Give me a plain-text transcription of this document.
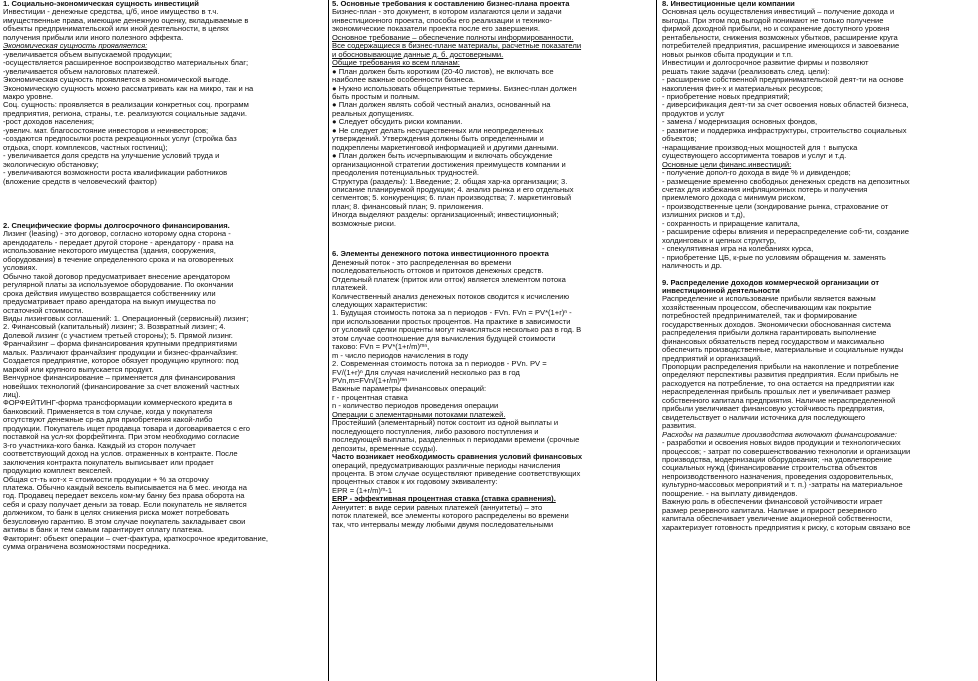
1. Социально-экономическая сущность инвестиций

Инвестиции - денежные средства, ц/б, иное имущество в т.ч.

имущественные права, имеющие денежную оценку, вкладываемые в

объекты предпринимательской или иной деятельности, в целях

получения прибыли или иного полезного эффекта.

Экономическая сущность проявляется:

-увеличивается объем выпускаемой продукции;

-осуществляется расширенное воспроизводство материальных благ;

-увеличивается объем налоговых платежей.

Экономическая сущность проявляется в экономической выгоде.

Экономическую сущность можно рассматривать как на микро, так и на

макро уровне.

Соц. сущность: проявляется в реализации конкретных соц. программ

предприятия, региона, страны, т.е. реализуются социальные задачи.

-рост доходов населения;

-увелич. мат. благосостояние инвесторов и неинвесторов;

-создаются предпосылки роста рекреационных услуг (стройка баз

отдыха, спорт. комплексов, частных гостиниц);

- увеличивается доля средств на улучшение условий труда и

экологическую обстановку;

- увеличиваются возможности роста квалификации работников

(вложение средств в человеческий фактор)

2. Специфические формы долгосрочного финансирования.

Лизинг (leasing) - это договор, согласно которому одна сторона -

арендодатель - передает другой стороне - арендатору - права на

использование некоторого имущества (здания, сооружения,

оборудования) в течение определенного срока и на оговоренных

условиях.

Обычно такой договор предусматривает внесение арендатором

регулярной платы за используемое оборудование. По окончании

срока действия имущество возвращается собственнику или

предусматривает право арендатора на выкуп имущества по

остаточной стоимости.

Виды лизинговых соглашений: 1. Операционный (сервисный) лизинг;

2. Финансовый (капитальный) лизинг; 3. Возвратный лизинг; 4.

Долевой лизинг (с участием третьей стороны); 5. Прямой лизинг.

Франчайзинг – форма финансирования крупными предприятиями

малых. Различают франчайзинг продукции и бизнес-франчайзинг.

Создается предприятие, которое обязует продукцию крупного: под

маркой или крупного выпускается продукт.

Венчурное финансирование – применяется для финансирования

новейших технологий (финансирование за счет вложений частных

лиц).

ФОРФЕЙТИНГ-форма трансформации коммерческого кредита в

банковский. Применяется в том случае, когда у покупателя

отсутствуют денежные ср-ва для приобретения какой-либо

продукции. Покупатель ищет продавца товара и договаривается с его

поставкой на усл-ях форфейтинга. При этом необходимо согласие

3-го участника-кого банка. Каждый из сторон получает

соответствующий доход на услов. отраженных в контракте. После

заключения контракта покупатель выписывает или продает

продукцию комплект векселей.

Общая ст-ть кот-х = стоимости продукции + % за отсрочку

платежа. Обычно каждый вексель выписывается на 6 мес. иногда на

год. Продавец передает вексель ком-му банку без права оборота на

себя и сразу получает деньги за товар. Если покупатель не является

должником, то банк в целях снижения риска может потребовать

безусловную гарантию. В этом случае покупатель закладывает свои

активы в банк и тем самым гарантирует оплату платежа.

Факторинг: объект операции – счет-фактура, краткосрочное кредитование,

сумма ограничена возможностями посредника.

5. Основные требования к составлению бизнес-плана проекта

Бизнес-план - это документ, в котором излагаются цели и задачи

инвестиционного проекта, способы его реализации и технико-

экономические показатели проекта после его завершения.

Основное требование – обеспечение полноты информированности.

Все содержащиеся в бизнес-плане материалы, расчетные показатели

и обосновывающие данные д. б. достоверными.

Общие требования ко всем планам:

● План должен быть коротким (20-40 листов), не включать все

наиболее важные особенности бизнеса.

● Нужно использовать общепринятые термины. Бизнес-план должен

быть простым и полным.

● План должен являть собой честный анализ, основанный на

реальных допущениях.

● Следует обсудить риски компании.

● Не следует делать несущественных или неопределенных

утверждений. Утверждения должны быть определенными и

подкреплены маркетинговой информацией и другими данными.

● План должен быть исчерпывающим и включать обсуждение

организационной стратегии достижения преимуществ компании и

преодоления потенциальных трудностей.

Структура (разделы): 1.Введение; 2. общая хар-ка организации; 3.

описание планируемой продукции; 4. анализ рынка и его отдельных

сегментов; 5. конкуренция; 6. план производства; 7. маркетинговый

план; 8. финансовый план; 9. приложения.

Иногда выделяют разделы: организационный; инвестиционный;

возможные риски.

6. Элементы денежного потока инвестиционного проекта

Денежный поток - это распределенная во времени

последовательность оттоков и притоков денежных средств.

Отдельный платеж (приток или отток) является элементом потока

платежей.

Количественный анализ денежных потоков сводится к исчислению

следующих характеристик:

1. Будущая стоимость потока за n периодов - FVn. FVn = PV*(1+r)ⁿ -

при использовании простых процентов. На практике в зависимости

от условий сделки проценты могут начисляться несколько раз в год. В

этом случае соотношение для вычисления будущей стоимости

таково: FVn = PV*(1+r/m)ᵐⁿ,

m - число периодов начисления в году

2. Современная стоимость потока за n периодов - PVn. PV =

FV/(1+r)ⁿ Для случая начислений несколько раз в год

PVn,m=FVn/(1+r/m)ᵐⁿ

Важные параметры финансовых операций:

r - процентная ставка

n - количество периодов проведения операции

Операции с элементарными потоками платежей.

Простейший (элементарный) поток состоит из одной выплаты и

последующего поступления, либо разового поступления и

последующей выплаты, разделенных n периодами времени (срочные

депозиты, временные ссуды).

Часто возникает необходимость сравнения условий финансовых

операций, предусматривающих различные периоды начисления

процента. В этом случае осуществляют приведение соответствующих

процентных ставок к их годовому эквиваленту:

EPR = (1+r/m)ᵐ-1

ERP - эффективная процентная ставка (ставка сравнения).

Аннуитет: в виде серии равных платежей (аннуитеты) – это

поток платежей, все элементы которого распределены во времени

так, что интервалы между любыми двумя последовательными

8. Инвестиционные цели компании

Основная цель осуществления инвестиций – получение дохода и

выгоды. При этом под выгодой понимают не только получение

фирмой доходной прибыли, но и сохранение доступного уровня

рентабельности, снижения возможных убытков, расширение круга

потребителей предприятия, расширение имеющихся и завоевание

новых рынков сбыта продукции и т.п.

Инвестиции и долгосрочное развитие фирмы и позволяют

решать такие задачи (реализовать след. цели):

- расширение собственной предпринимательской деят-ти на основе

накопления фин-х и материальных ресурсов;

- приобретение новых предприятий;

- диверсификация деят-ти за счет освоения новых областей бизнеса,

продуктов и услуг

- замена / модернизация основных фондов,

- развитие и поддержка инфраструктуры, строительство социальных

объектов;

-наращивание производ-ных мощностей для ↑ выпуска

существующего ассортимента товаров и услуг и т.д.

Основные цели финанс.инвестиций:

- получение допол-го дохода в виде % и дивидендов;

- размещение временно свободных денежных средств на депозитных

счетах для избежания инфляционных потерь и получения

приемлемого дохода с минимум риском,

- производственные цели (зондирование рынка, страхование от

излишних рисков и т.д),

- сохранность и приращение капитала,

- расширение сферы влияния и перераспределение соб-ти, создание

холдинговых и цепных структур,

- спекулятивная игра на колебаниях курса,

- приобретение ЦБ, к-рые по условиям обращения м. заменять

наличность и др.

9. Распределение доходов коммерческой организации от

инвестиционной деятельности

Распределение и использование прибыли является важным

хозяйственным процессом, обеспечивающим как покрытие

потребностей предпринимателей, так и формирование

государственных доходов. Экономически обоснованная система

распределения прибыли должна гарантировать выполнение

финансовых обязательств перед государством и максимально

обеспечить производственные, материальные и социальные нужды

предприятий и организаций.

Пропорции распределения прибыли на накопление и потребление

определяют перспективы развития предприятия. Если прибыль не

расходуется на потребление, то она остается на предприятии как

нераспределенная прибыль прошлых лет и увеличивает размер

собственного капитала предприятия. Наличие нераспределенной

прибыли увеличивает финансовую устойчивость предприятия,

свидетельствует о наличии источника для последующего

развития.

Расходы на развитие производства включают финансирование:

- разработки и освоения новых видов продукции и технологических

процессов; - затрат по совершенствованию технологии и организации

производства, модернизации оборудования; -на удовлетворение

социальных нужд (финансирование строительства объектов

непроизводственного назначения, проведения оздоровительных,

культурно-массовых мероприятий и т. п.) -затраты на материальное

поощрение. - на выплату дивидендов.

Важную роль в обеспечении финансовой устойчивости играет

размер резервного капитала. Наличие и прирост резервного

капитала обеспечивает увеличение акционерной собственности,

характеризует готовность предприятия к риску, с которым связано все
